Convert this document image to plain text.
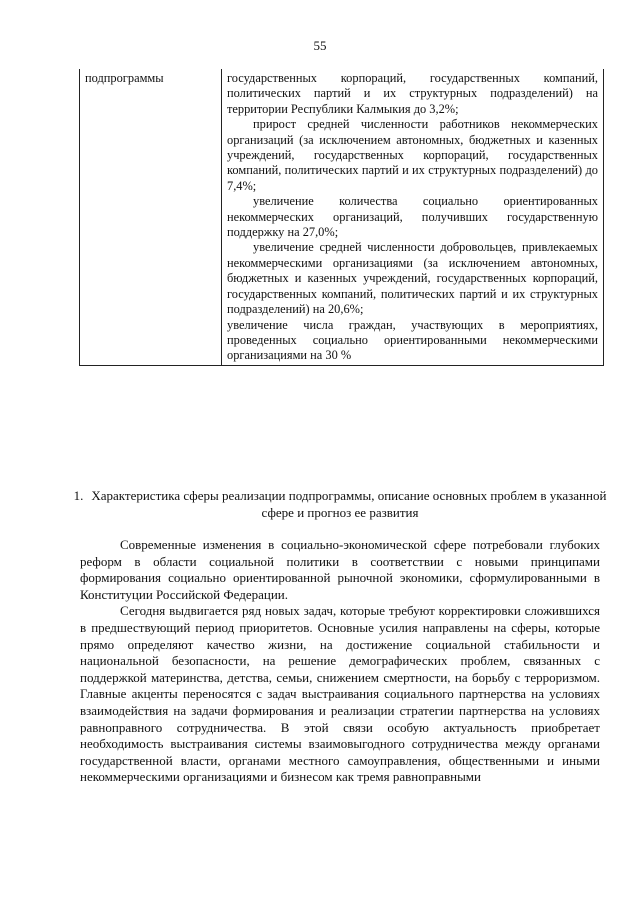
55
подпрограммы	государственных корпораций, государственных компаний, политических партий и их структурных подразделений) на территории Республики Калмыкия до 3,2%;

прирост средней численности работников некоммерческих организаций (за исключением автономных, бюджетных и казенных учреждений, государственных корпораций, государственных компаний, политических партий и их структурных подразделений) до 7,4%;

увеличение количества социально ориентированных некоммерческих организаций, получивших государственную поддержку на 27,0%;

увеличение средней численности добровольцев, привлекаемых некоммерческими организациями (за исключением автономных, бюджетных и казенных учреждений, государственных корпораций, государственных компаний, политических партий и их структурных подразделений) на 20,6%;

увеличение числа граждан, участвующих в мероприятиях, проведенных социально ориентированными некоммерческими организациями на 30 %

1. Характеристика сферы реализации подпрограммы, описание основных проблем в указанной сфере и прогноз ее развития

Современные изменения в социально-экономической сфере потребовали глубоких реформ в области социальной политики в соответствии с новыми принципами формирования социально ориентированной рыночной экономики, сформулированными в Конституции Российской Федерации.

Сегодня выдвигается ряд новых задач, которые требуют корректировки сложившихся в предшествующий период приоритетов. Основные усилия направлены на сферы, которые прямо определяют качество жизни, на достижение социальной стабильности и национальной безопасности, на решение демографических проблем, связанных с поддержкой материнства, детства, семьи, снижением смертности, на борьбу с терроризмом. Главные акценты переносятся с задач выстраивания социального партнерства на условиях взаимодействия на задачи формирования и реализации стратегии партнерства на условиях равноправного сотрудничества. В этой связи особую актуальность приобретает необходимость выстраивания системы взаимовыгодного сотрудничества между органами государственной власти, органами местного самоуправления, общественными и иными некоммерческими организациями и бизнесом как тремя равноправными
